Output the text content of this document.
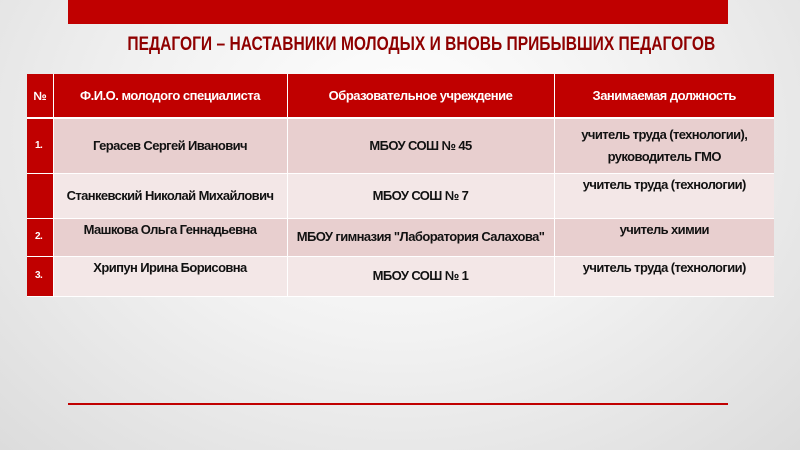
ПЕДАГОГИ – НАСТАВНИКИ МОЛОДЫХ И ВНОВЬ ПРИБЫВШИХ ПЕДАГОГОВ
№	Ф.И.О. молодого специалиста	Образовательное учреждение	Занимаемая должность
1.	Герасев Сергей Иванович	МБОУ СОШ № 45	учитель труда (технологии),
руководитель ГМО

	Станкевский Николай Михайлович	МБОУ СОШ № 7	учитель труда (технологии)

2.	Машкова Ольга Геннадьевна	МБОУ гимназия "Лаборатория Салахова"	учитель химии

3.	Хрипун Ирина Борисовна	МБОУ СОШ № 1	учитель труда (технологии)
